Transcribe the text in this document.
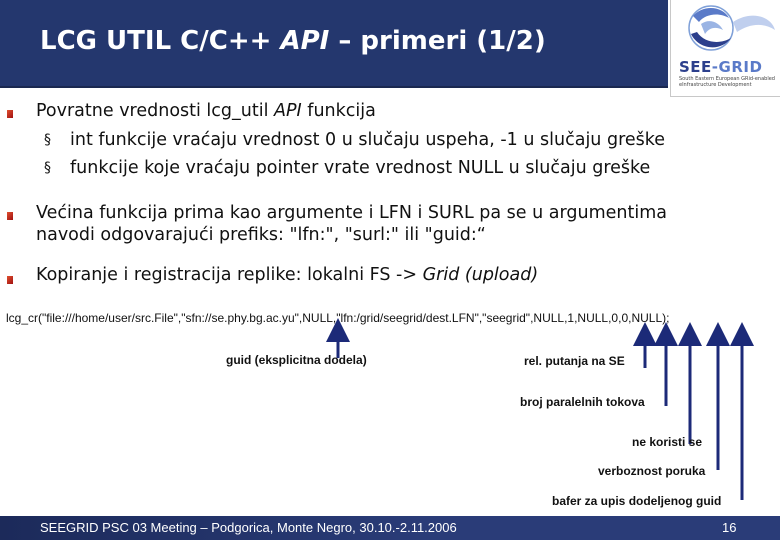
LCG UTIL C/C++ API – primeri (1/2)
SEE-GRID
South Eastern European GRid-enabled eInfrastructure Development
Povratne vrednosti lcg_util API funkcija
§ int funkcije vraćaju vrednost 0 u slučaju uspeha, -1 u slučaju greške
§ funkcije koje vraćaju pointer vrate vrednost NULL u slučaju greške
Većina funkcija prima kao argumente i LFN i SURL pa se u argumentima
navodi odgovarajući prefiks: "lfn:", "surl:" ili "guid:“
Kopiranje i registracija replike: lokalni FS -> Grid (upload)
lcg_cr("file:///home/user/src.File","sfn://se.phy.bg.ac.yu",NULL,"lfn:/grid/seegrid/dest.LFN","seegrid",NULL,1,NULL,0,0,NULL);
guid (eksplicitna dodela)	rel. putanja na SE
broj paralelnih tokova
ne koristi se
verboznost poruka
bafer za upis dodeljenog guid
SEEGRID PSC 03 Meeting – Podgorica, Monte Negro, 30.10.-2.11.2006	16
